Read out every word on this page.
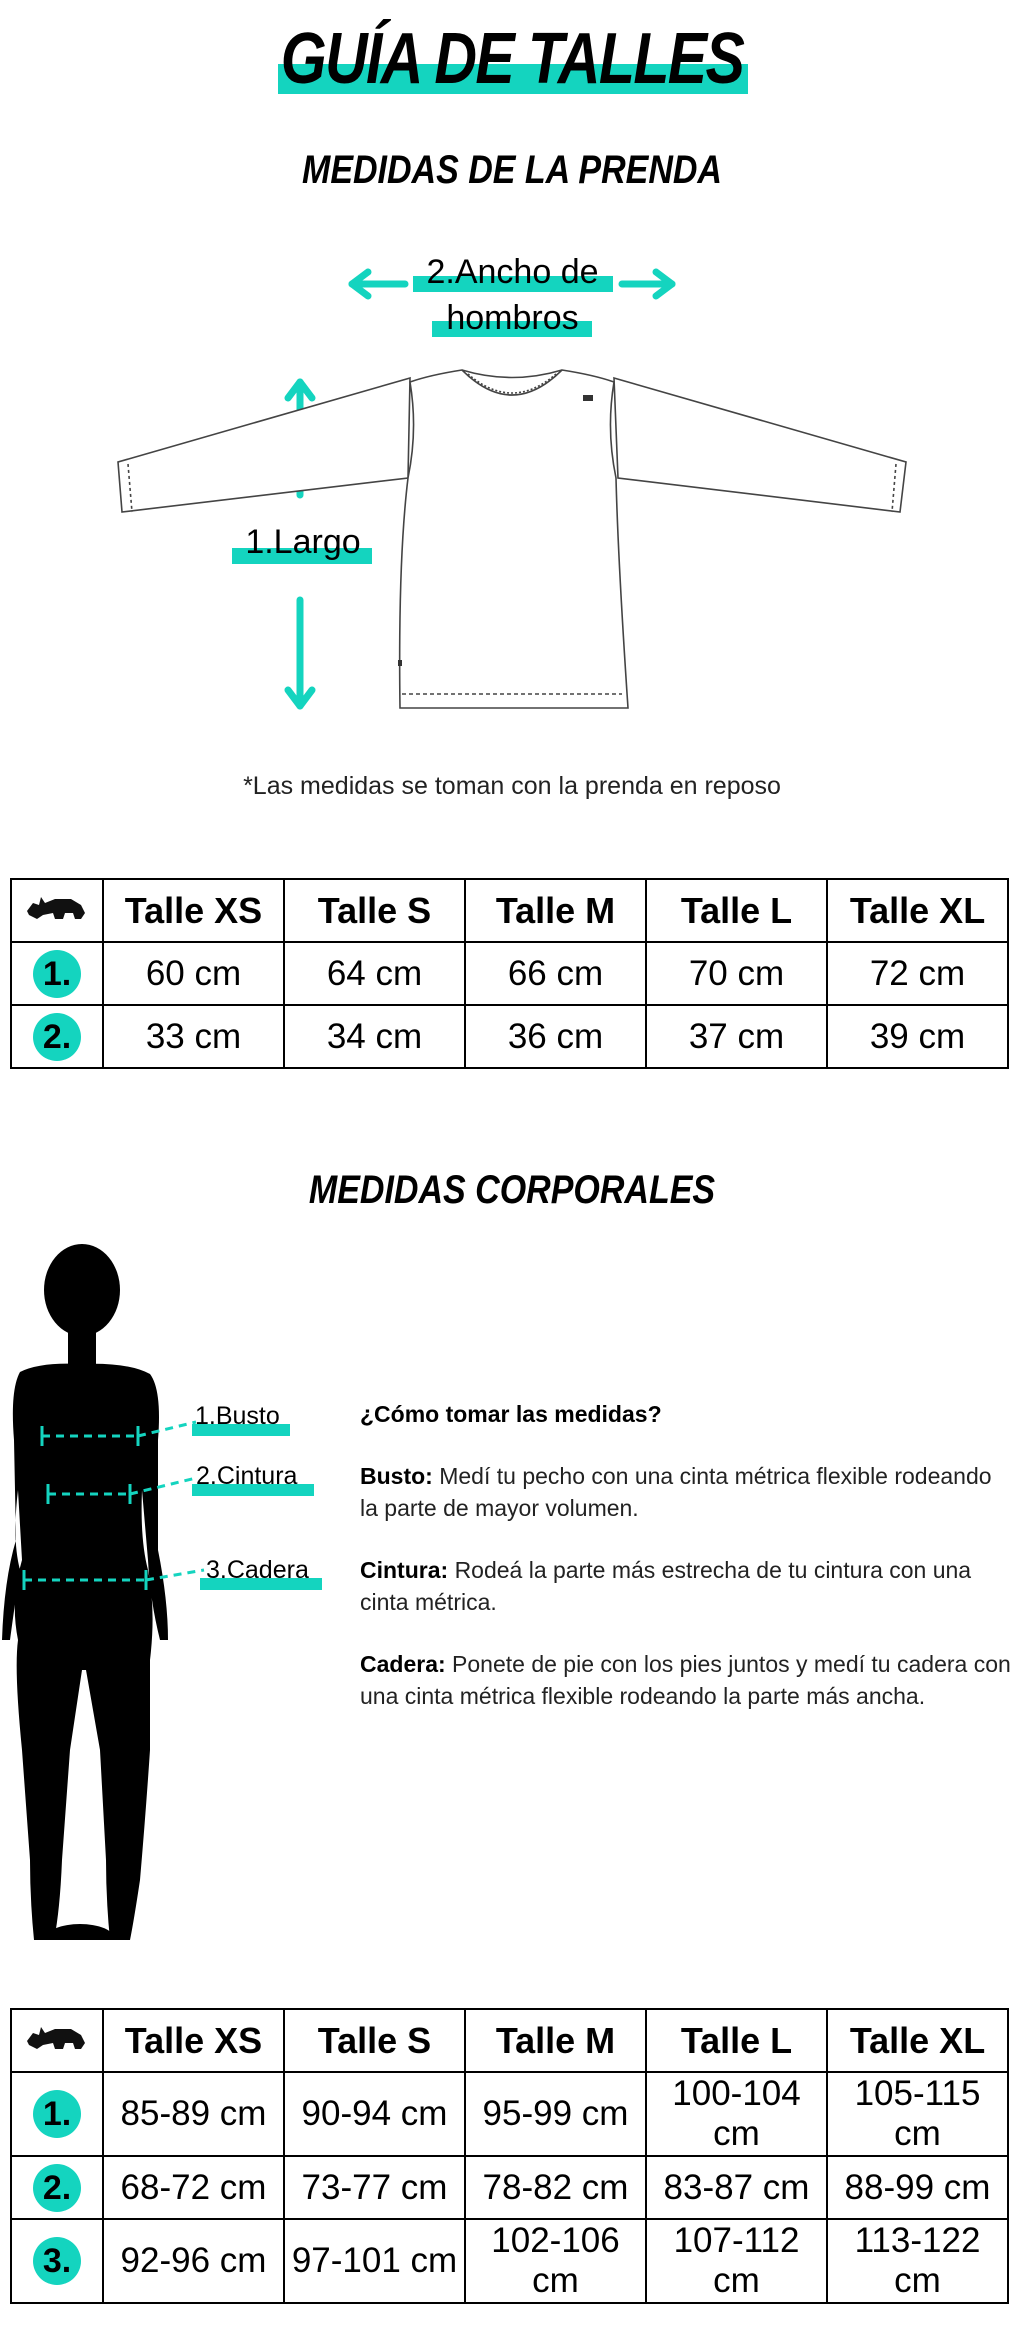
GUÍA DE TALLES
MEDIDAS DE LA PRENDA
2.Ancho de
hombros
1.Largo
*Las medidas se toman con la prenda en reposo
	Talle XS	Talle S	Talle M	Talle L	Talle XL
1.	60 cm	64 cm	66 cm	70 cm	72 cm
2.	33 cm	34 cm	36 cm	37 cm	39 cm
MEDIDAS CORPORALES
1.Busto
2.Cintura
3.Cadera
¿Cómo tomar las medidas?
Busto: Medí tu pecho con una cinta métrica flexible rodeando la parte de mayor volumen.
Cintura: Rodeá la parte más estrecha de tu cintura con una cinta métrica.
Cadera: Ponete de pie con los pies juntos y medí tu cadera con una cinta métrica flexible rodeando la parte más ancha.
	Talle XS	Talle S	Talle M	Talle L	Talle XL
1.	85-89 cm	90-94 cm	95-99 cm	100-104 cm	105-115 cm
2.	68-72 cm	73-77 cm	78-82 cm	83-87 cm	88-99 cm
3.	92-96 cm	97-101 cm	102-106 cm	107-112 cm	113-122 cm
